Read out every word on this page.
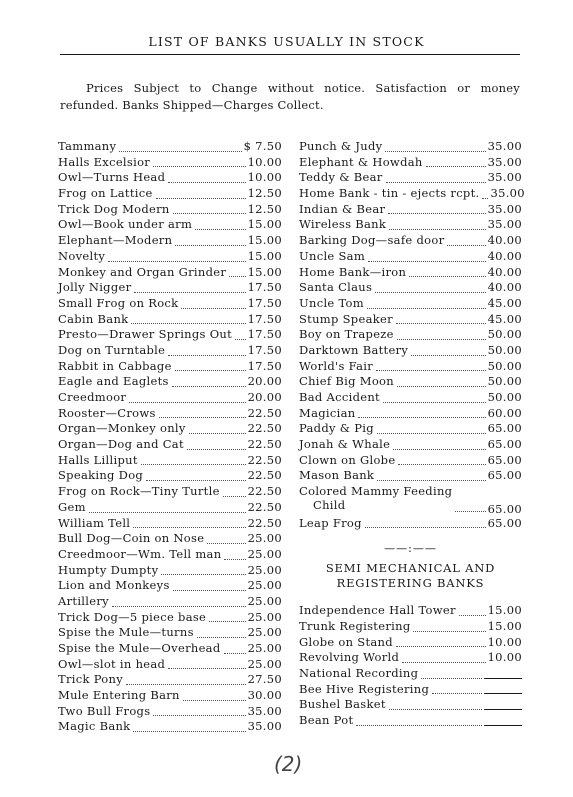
LIST OF BANKS USUALLY IN STOCK
Prices Subject to Change without notice. Satisfaction or money refunded. Banks Shipped—Charges Collect.
Tammany	$ 7.50
Halls Excelsior	10.00
Owl—Turns Head	10.00
Frog on Lattice	12.50
Trick Dog Modern	12.50
Owl—Book under arm	15.00
Elephant—Modern	15.00
Novelty	15.00
Monkey and Organ Grinder 15.00
Jolly Nigger	17.50
Small Frog on Rock	17.50
Cabin Bank	17.50
Presto—Drawer Springs Out 17.50
Dog on Turntable	17.50
Rabbit in Cabbage	17.50
Eagle and Eaglets	20.00
Creedmoor	20.00
Rooster—Crows	22.50
Organ—Monkey only	22.50
Organ—Dog and Cat	22.50
Halls Lilliput	22.50
Speaking Dog	22.50
Frog on Rock—Tiny Turtle 22.50
Gem	22.50
William Tell	22.50
Bull Dog—Coin on Nose	25.00
Creedmoor—Wm. Tell man 25.00
Humpty Dumpty	25.00
Lion and Monkeys	25.00
Artillery	25.00
Trick Dog—5 piece base	25.00
Spise the Mule—turns	25.00
Spise the Mule—Overhead 25.00
Owl—slot in head	25.00
Trick Pony	27.50
Mule Entering Barn	30.00
Two Bull Frogs	35.00
Magic Bank	35.00
Punch & Judy	35.00
Elephant & Howdah	35.00
Teddy & Bear	35.00
Home Bank - tin - ejects rcpt. 35.00
Indian & Bear	35.00
Wireless Bank	35.00
Barking Dog—safe door	40.00
Uncle Sam	40.00
Home Bank—iron	40.00
Santa Claus	40.00
Uncle Tom	45.00
Stump Speaker	45.00
Boy on Trapeze	50.00
Darktown Battery	50.00
World's Fair	50.00
Chief Big Moon	50.00
Bad Accident	50.00
Magician	60.00
Paddy & Pig	65.00
Jonah & Whale	65.00
Clown on Globe	65.00
Mason Bank	65.00
Colored Mammy Feeding
Child	65.00
Leap Frog	65.00
——:——
SEMI MECHANICAL AND
REGISTERING BANKS
Independence Hall Tower	15.00
Trunk Registering	15.00
Globe on Stand	10.00
Revolving World	10.00
National Recording
Bee Hive Registering
Bushel Basket
Bean Pot
(2)
